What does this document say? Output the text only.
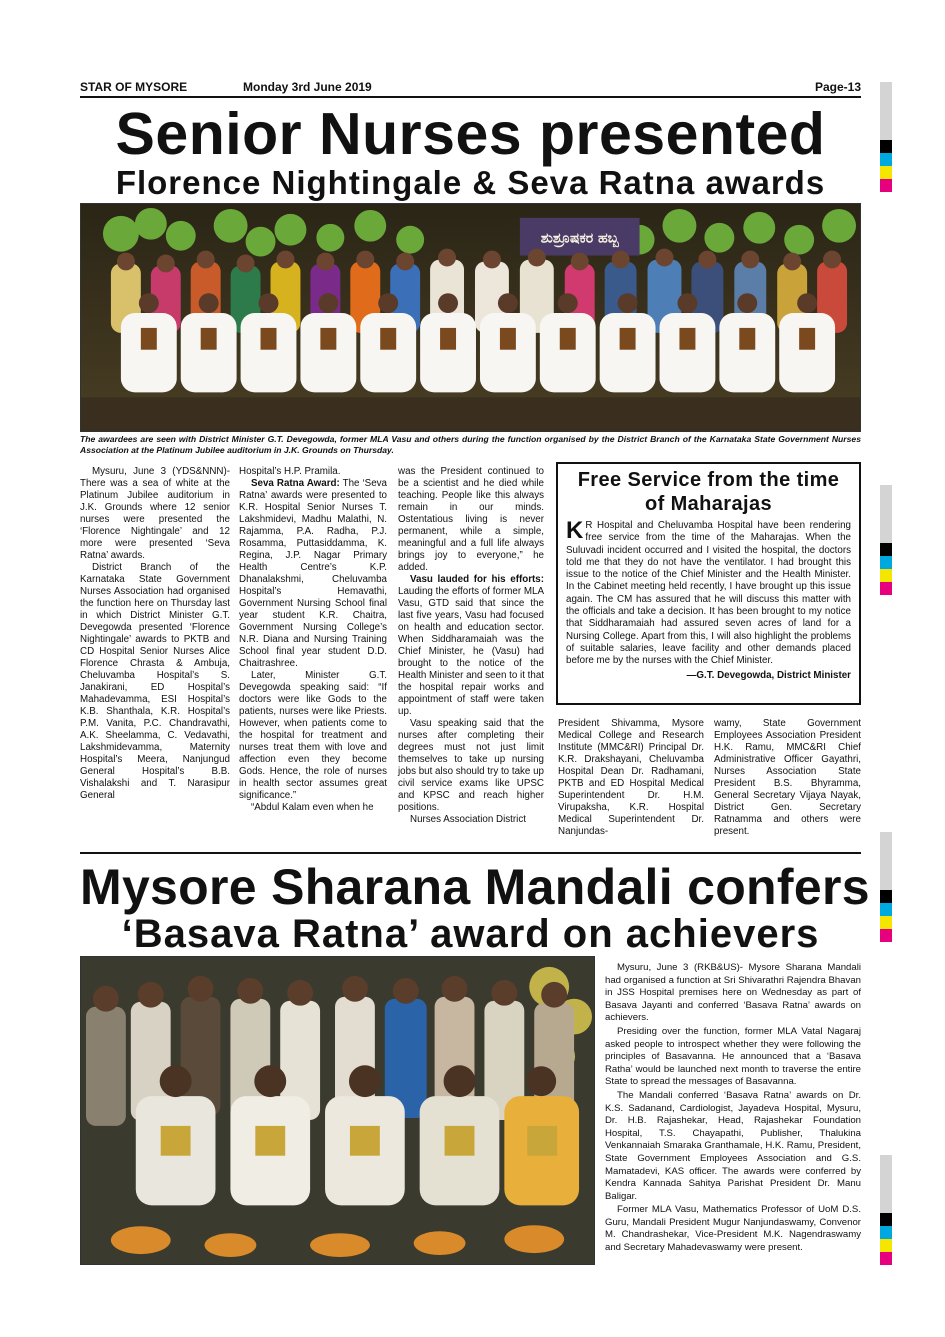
STAR OF MYSORE	Monday 3rd June 2019	Page-13
Senior Nurses presented
Florence Nightingale & Seva Ratna awards
ಶುಶ್ರೂಷಕರ ಹಬ್ಬ
The awardees are seen with District Minister G.T. Devegowda, former MLA Vasu and others during the function organised by the District Branch of the Karnataka State Government Nurses Association at the Platinum Jubilee auditorium in J.K. Grounds on Thursday.

Mysuru, June 3 (YDS&NNN)- There was a sea of white at the Platinum Jubilee auditorium in J.K. Grounds where 12 senior nurses were presented the ‘Florence Nightingale’ and 12 more were presented ‘Seva Ratna’ awards.

District Branch of the Karnataka State Government Nurses Association had organised the function here on Thursday last in which District Minister G.T. Devegowda presented ‘Florence Nightingale’ awards to PKTB and CD Hospital Senior Nurses Alice Florence Chrasta & Ambuja, Cheluvamba Hospital’s S. Janakirani, ED Hospital’s Mahadevamma, ESI Hospital’s K.B. Shanthala, K.R. Hospital’s P.M. Vanita, P.C. Chandravathi, A.K. Sheelamma, C. Vedavathi, Lakshmidevamma, Maternity Hospital’s Meera, Nanjungud General Hospital’s B.B. Vishalakshi and T. Narasipur General

Hospital’s H.P. Pramila.

Seva Ratna Award: The ‘Seva Ratna’ awards were presented to K.R. Hospital Senior Nurses T. Lakshmidevi, Madhu Malathi, N. Rajamma, P.A. Radha, P.J. Rosamma, Puttasiddamma, K. Regina, J.P. Nagar Primary Health Centre’s K.P. Dhanalakshmi, Cheluvamba Hospital’s Hemavathi, Government Nursing School final year student K.R. Chaitra, Government Nursing College’s N.R. Diana and Nursing Training School final year student D.D. Chaitrashree.

Later, Minister G.T. Devegowda speaking said: “If doctors were like Gods to the patients, nurses were like Priests. However, when patients come to the hospital for treatment and nurses treat them with love and affection even they become Gods. Hence, the role of nurses in health sector assumes great significance.”

“Abdul Kalam even when he

was the President continued to be a scientist and he died while teaching. People like this always remain in our minds. Ostentatious living is never permanent, while a simple, meaningful and a full life always brings joy to everyone,” he added.

Vasu lauded for his efforts: Lauding the efforts of former MLA Vasu, GTD said that since the last five years, Vasu had focused on health and education sector. When Siddharamaiah was the Chief Minister, he (Vasu) had brought to the notice of the Health Minister and seen to it that the hospital repair works and appointment of staff were taken up.

Vasu speaking said that the nurses after completing their degrees must not just limit themselves to take up nursing jobs but also should try to take up civil service exams like UPSC and KPSC and reach higher positions.

Nurses Association District

Free Service from the time of Maharajas
K R Hospital and Cheluvamba Hospital have been rendering free service from the time of the Maharajas. When the Suluvadi incident occurred and I visited the hospital, the doctors told me that they do not have the ventilator. I had brought this issue to the notice of the Chief Minister and the Health Minister. In the Cabinet meeting held recently, I have brought up this issue again. The CM has assured that he will discuss this matter with the officials and take a decision. It has been brought to my notice that Siddharamaiah had assured seven acres of land for a Nursing College. Apart from this, I will also highlight the problems of suitable salaries, leave facility and other demands placed before me by the nurses with the Chief Minister.
—G.T. Devegowda, District Minister

President Shivamma, Mysore Medical College and Research Institute (MMC&RI) Principal Dr. K.R. Drakshayani, Cheluvamba Hospital Dean Dr. Radhamani, PKTB and ED Hospital Medical Superintendent Dr. H.M. Virupaksha, K.R. Hospital Medical Superintendent Dr. Nanjundas-

wamy, State Government Employees Association President H.K. Ramu, MMC&RI Chief Administrative Officer Gayathri, Nurses Association State President B.S. Bhyramma, General Secretary Vijaya Nayak, District Gen. Secretary Ratnamma and others were present.

Mysore Sharana Mandali confers
‘Basava Ratna’ award on achievers

Mysuru, June 3 (RKB&US)- Mysore Sharana Mandali had organised a function at Sri Shivarathri Rajendra Bhavan in JSS Hospital premises here on Wednesday as part of Basava Jayanti and conferred ‘Basava Ratna’ awards on achievers.

Presiding over the function, former MLA Vatal Nagaraj asked people to introspect whether they were following the principles of Basavanna. He announced that a ‘Basava Ratha’ would be launched next month to traverse the entire State to spread the messages of Basavanna.

The Mandali conferred ‘Basava Ratna’ awards on Dr. K.S. Sadanand, Cardiologist, Jayadeva Hospital, Mysuru, Dr. H.B. Rajashekar, Head, Rajashekar Foundation Hospital, T.S. Chayapathi, Publisher, Thalukina Venkannaiah Smaraka Granthamale, H.K. Ramu, President, State Government Employees Association and G.S. Mamatadevi, KAS officer. The awards were conferred by Kendra Kannada Sahitya Parishat President Dr. Manu Baligar.

Former MLA Vasu, Mathematics Professor of UoM D.S. Guru, Mandali President Mugur Nanjundaswamy, Convenor M. Chandrashekar, Vice-President M.K. Nagendraswamy and Secretary Mahadevaswamy were present.
